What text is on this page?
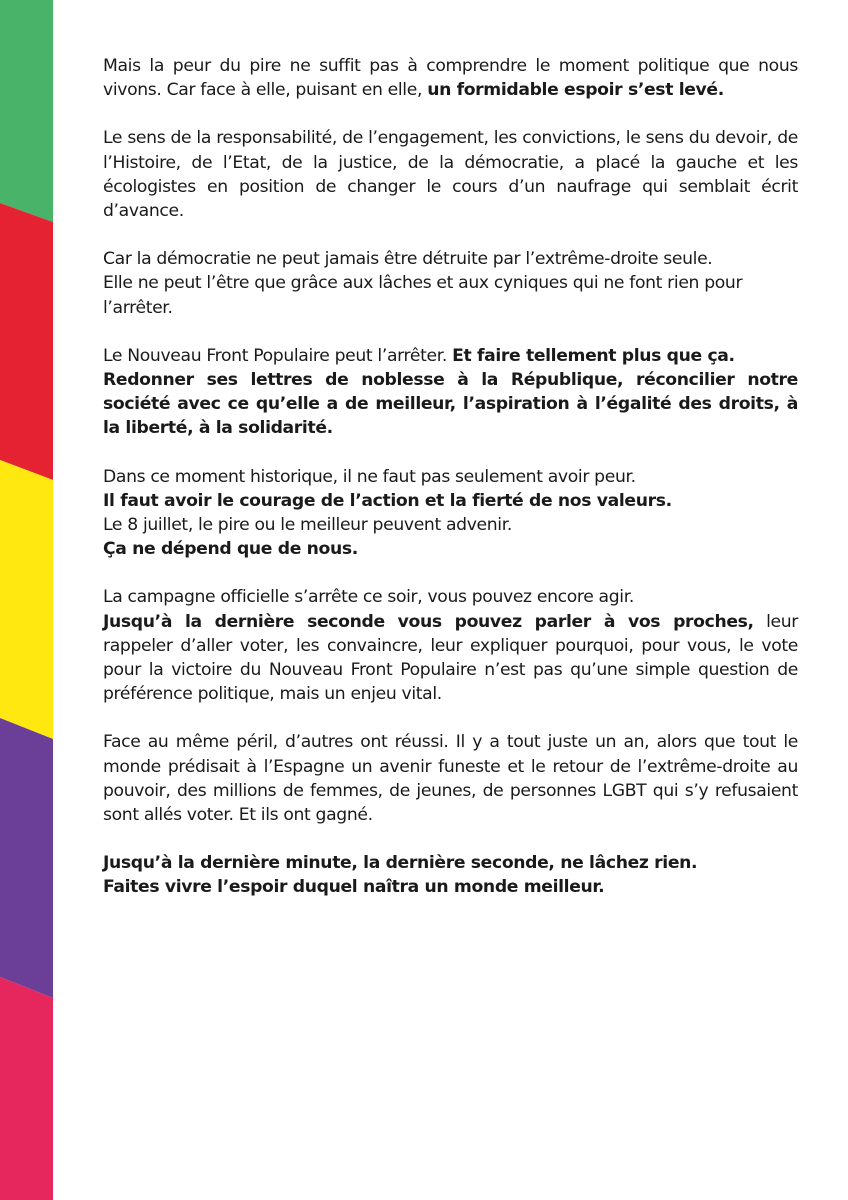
Mais la peur du pire ne suffit pas à comprendre le moment politique que nous vivons. Car face à elle, puisant en elle, un formidable espoir s’est levé.

Le sens de la responsabilité, de l’engagement, les convictions, le sens du devoir, de l’Histoire, de l’Etat, de la justice, de la démocratie, a placé la gauche et les écologistes en position de changer le cours d’un naufrage qui semblait écrit d’avance.

Car la démocratie ne peut jamais être détruite par l’extrême-droite seule.
Elle ne peut l’être que grâce aux lâches et aux cyniques qui ne font rien pour l’arrêter.

Le Nouveau Front Populaire peut l’arrêter. Et faire tellement plus que ça.
Redonner ses lettres de noblesse à la République, réconcilier notre société avec ce qu’elle a de meilleur, l’aspiration à l’égalité des droits, à la liberté, à la solidarité.

Dans ce moment historique, il ne faut pas seulement avoir peur.
Il faut avoir le courage de l’action et la fierté de nos valeurs.
Le 8 juillet, le pire ou le meilleur peuvent advenir.
Ça ne dépend que de nous.

La campagne officielle s’arrête ce soir, vous pouvez encore agir.
Jusqu’à la dernière seconde vous pouvez parler à vos proches, leur rappeler d’aller voter, les convaincre, leur expliquer pourquoi, pour vous, le vote pour la victoire du Nouveau Front Populaire n’est pas qu’une simple question de préférence politique, mais un enjeu vital.

Face au même péril, d’autres ont réussi. Il y a tout juste un an, alors que tout le monde prédisait à l’Espagne un avenir funeste et le retour de l’extrême-droite au pouvoir, des millions de femmes, de jeunes, de personnes LGBT qui s’y refusaient sont allés voter. Et ils ont gagné.

Jusqu’à la dernière minute, la dernière seconde, ne lâchez rien.
Faites vivre l’espoir duquel naîtra un monde meilleur.
